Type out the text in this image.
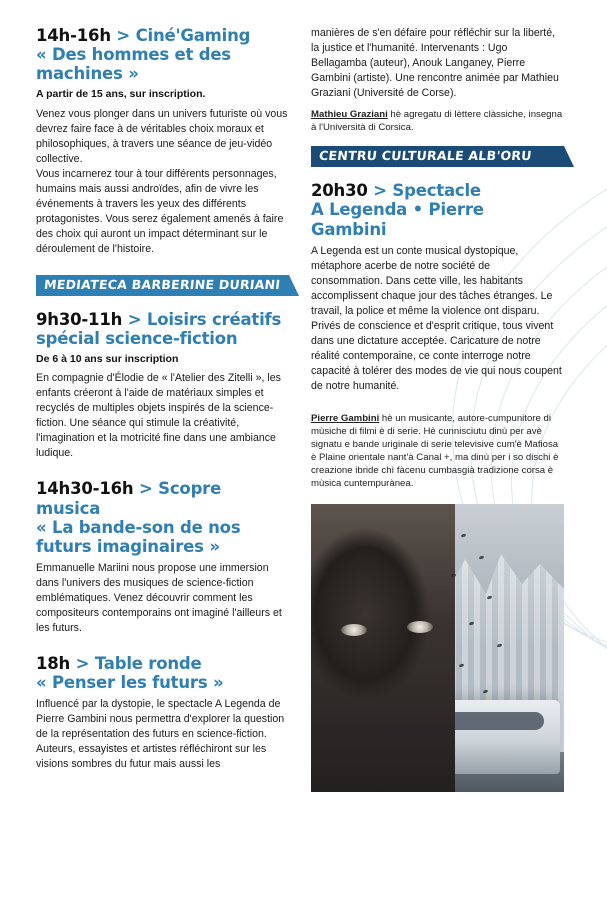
14h-16h > Ciné'Gaming
« Des hommes et des machines »

A partir de 15 ans, sur inscription.

Venez vous plonger dans un univers futuriste où vous devrez faire face à de véritables choix moraux et philosophiques, à travers une séance de jeu-vidéo collective.
Vous incarnerez tour à tour différents personnages, humains mais aussi androïdes, afin de vivre les événements à travers les yeux des différents protagonistes. Vous serez également amenés à faire des choix qui auront un impact déterminant sur le déroulement de l'histoire.

MEDIATECA BARBERINE DURIANI
9h30-11h > Loisirs créatifs
spécial science-fiction

De 6 à 10 ans sur inscription

En compagnie d'Élodie de « l'Atelier des Zitelli », les enfants créeront à l'aide de matériaux simples et recyclés de multiples objets inspirés de la science-fiction. Une séance qui stimule la créativité, l'imagination et la motricité fine dans une ambiance ludique.

14h30-16h > Scopre musica
« La bande-son de nos futurs imaginaires »

Emmanuelle Mariini nous propose une immersion dans l'univers des musiques de science-fiction emblématiques. Venez découvrir comment les compositeurs contemporains ont imaginé l'ailleurs et les futurs.

18h > Table ronde
« Penser les futurs »

Influencé par la dystopie, le spectacle A Legenda de Pierre Gambini nous permettra d'explorer la question de la représentation des futurs en science-fiction. Auteurs, essayistes et artistes réfléchiront sur les visions sombres du futur mais aussi les

manières de s'en défaire pour réfléchir sur la liberté, la justice et l'humanité. Intervenants : Ugo Bellagamba (auteur), Anouk Langaney, Pierre Gambini (artiste). Une rencontre animée par Mathieu Graziani (Université de Corse).

Mathieu Graziani hè agregatu di lèttere clàssiche, insegna à l'Università di Corsica.

CENTRU CULTURALE ALB'ORU
20h30 > Spectacle
A Legenda • Pierre Gambini

A Legenda est un conte musical dystopique, métaphore acerbe de notre société de consommation. Dans cette ville, les habitants accomplissent chaque jour des tâches étranges. Le travail, la police et même la violence ont disparu. Privés de conscience et d'esprit critique, tous vivent dans une dictature acceptée. Caricature de notre réalité contemporaine, ce conte interroge notre capacité à tolérer des modes de vie qui nous coupent de notre humanité.

Pierre Gambini hè un musicante, autore-cumpunitore di mùsiche di filmi è di serie. Hè cunnisciutu dinù per avè signatu e bande uriginale di serie televisive cum'è Mafiosa è Plaine orientale nant'à Canal +, ma dinù per i so dischi è creazione ibride chì fàcenu cumbasgià tradizione corsa è mùsica cuntempurànea.
